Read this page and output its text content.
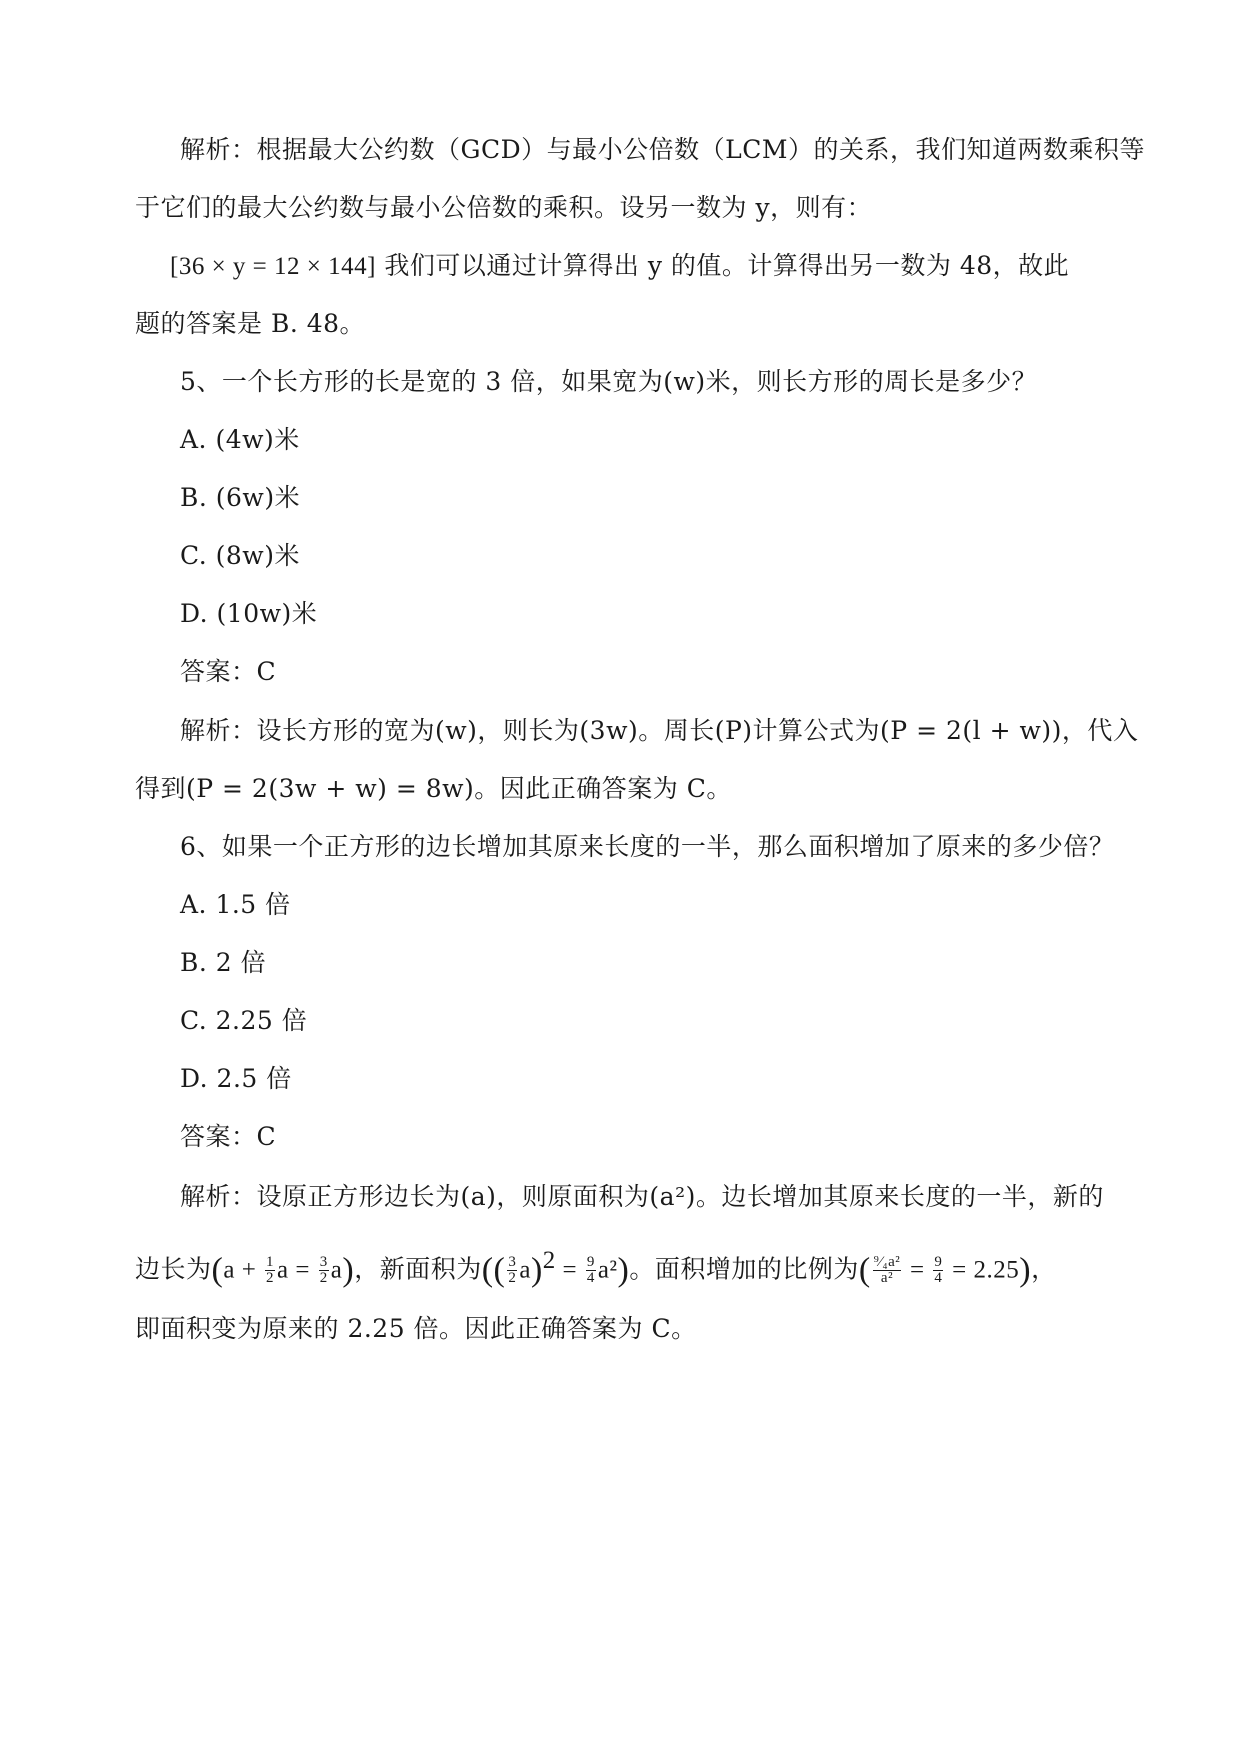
解析：根据最大公约数（GCD）与最小公倍数（LCM）的关系，我们知道两数乘积等
于它们的最大公约数与最小公倍数的乘积。设另一数为 y，则有：
[36 × y = 12 × 144] 我们可以通过计算得出 y 的值。计算得出另一数为 48，故此
题的答案是 B. 48。
5、一个长方形的长是宽的 3 倍，如果宽为(w)米，则长方形的周长是多少？
A. (4w)米
B. (6w)米
C. (8w)米
D. (10w)米
答案：C
解析：设长方形的宽为(w)，则长为(3w)。周长(P)计算公式为(P = 2(l + w))，代入
得到(P = 2(3w + w) = 8w)。因此正确答案为 C。
6、如果一个正方形的边长增加其原来长度的一半，那么面积增加了原来的多少倍？
A. 1.5 倍
B. 2 倍
C. 2.25 倍
D. 2.5 倍
答案：C
解析：设原正方形边长为(a)，则原面积为(a²)。边长增加其原来长度的一半，新的
边长为($a + \frac{1}{2}$ $a = \frac{3}{2} a$)，新面积为(( $\frac{3}{2} a)^2 = \frac{9}{4} a^2$)。面积增加的比例为( $\frac{\text{⁹⁄₄a²}}{\text{a²}} = \frac{9}{4} = 2.25$)，
即面积变为原来的 2.25 倍。因此正确答案为 C。
